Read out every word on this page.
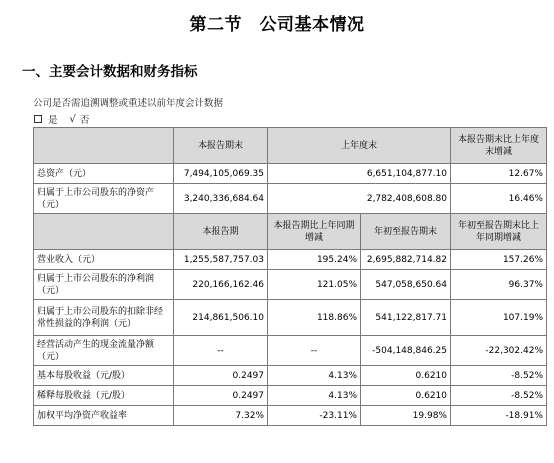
第二节　公司基本情况
一、主要会计数据和财务指标
公司是否需追溯调整或重述以前年度会计数据
是 √ 否
	本报告期末	上年度末		本报告期末比上年度末增减
总资产（元）	7,494,105,069.35	6,651,104,877.10		12.67%
归属于上市公司股东的净资产（元）	3,240,336,684.64	2,782,408,608.80		16.46%
	本报告期	本报告期比上年同期增减	年初至报告期末	年初至报告期末比上年同期增减
营业收入（元）	1,255,587,757.03	195.24%	2,695,882,714.82	157.26%
归属于上市公司股东的净利润（元）	220,166,162.46	121.05%	547,058,650.64	96.37%
归属于上市公司股东的扣除非经常性损益的净利润（元）	214,861,506.10	118.86%	541,122,817.71	107.19%
经营活动产生的现金流量净额（元）	--	--	-504,148,846.25	-22,302.42%
基本每股收益（元/股）	0.2497	4.13%	0.6210	-8.52%
稀释每股收益（元/股）	0.2497	4.13%	0.6210	-8.52%
加权平均净资产收益率	7.32%	-23.11%	19.98%	-18.91%
